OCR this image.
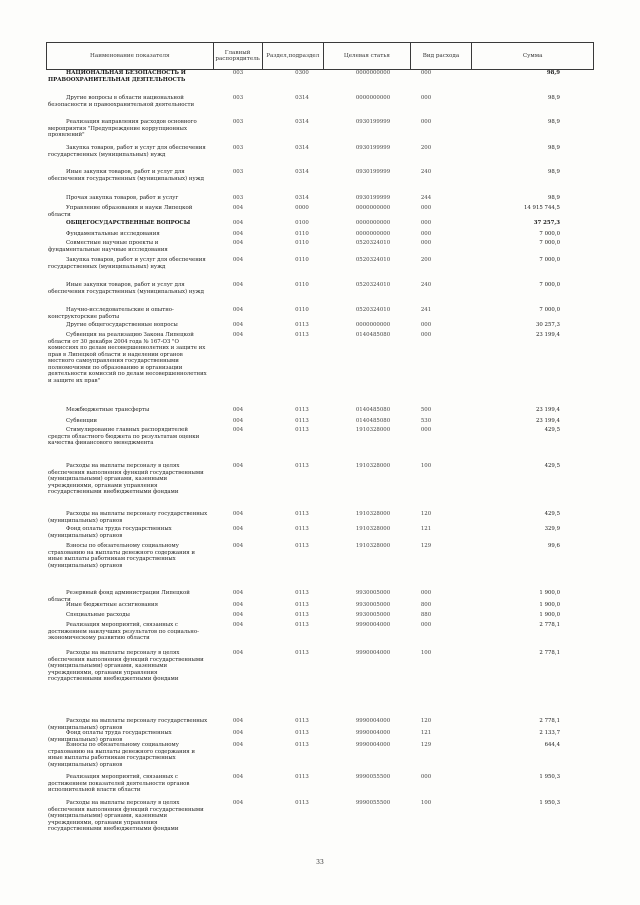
Наименование показателя
Главный распорядитель
Раздел,подраздел	Целевая статья	Вид расхода	Сумма
НАЦИОНАЛЬНАЯ БЕЗОПАСНОСТЬ И ПРАВООХРАНИТЕЛЬНАЯ ДЕЯТЕЛЬНОСТЬ
003	0300	0000000000	000	98,9
Другие вопросы в области национальной безопасности и правоохранительной деятельности
003	0314	0000000000	000	98,9
Реализация направления расходов основного мероприятия "Предупреждение коррупционных проявлений"
003	0314	0930199999	000	98,9
Закупка товаров, работ и услуг для обеспечения государственных (муниципальных) нужд
003	0314	0930199999	200	98,9
Иные закупки товаров, работ и услуг для обеспечения государственных (муниципальных) нужд
003	0314	0930199999	240	98,9
Прочая закупка товаров, работ и услуг	003	0314	0930199999	244	98,9
Управление образования и науки Липецкой области
004	0000	0000000000	000	14 915 744,5
ОБЩЕГОСУДАРСТВЕННЫЕ ВОПРОСЫ	004	0100	0000000000	000	37 257,3
Фундаментальные исследования	004	0110	0000000000	000	7 000,0
Совместные научные проекты и фундаментальные научные исследования
004	0110	0520324010	000	7 000,0
Закупка товаров, работ и услуг для обеспечения государственных (муниципальных) нужд
004	0110	0520324010	200	7 000,0
Иные закупки товаров, работ и услуг для обеспечения государственных (муниципальных) нужд
004	0110	0520324010	240	7 000,0
Научно-исследовательские и опытно-конструкторские работы
004	0110	0520324010	241	7 000,0
Другие общегосударственные вопросы	004	0113	0000000000	000	30 257,3
Субвенция на реализацию Закона Липецкой области от 30 декабря 2004 года № 167-ОЗ "О комиссиях по делам несовершеннолетних и защите их прав в Липецкой области и наделении органов местного самоуправления государственными полномочиями по образованию и организации деятельности комиссий по делам несовершеннолетних и защите их прав"
004	0113	0140485080	000	23 199,4
Межбюджетные трансферты	004	0113	0140485080	500	23 199,4
Субвенции	004	0113	0140485080	530	23 199,4
Стимулирование главных распорядителей средств областного бюджета по результатам оценки качества финансового менеджмента
004	0113	1910328000	000	429,5
Расходы на выплаты персоналу в целях обеспечения выполнения функций государственными (муниципальными) органами, казенными учреждениями, органами управления государственными внебюджетными фондами
004	0113	1910328000	100	429,5
Расходы на выплаты персоналу государственных (муниципальных) органов
004	0113	1910328000	120	429,5
Фонд оплаты труда государственных (муниципальных) органов
004	0113	1910328000	121	329,9
Взносы по обязательному социальному страхованию на выплаты денежного содержания и иные выплаты работникам государственных (муниципальных) органов
004	0113	1910328000	129	99,6
Резервный фонд администрации Липецкой области
004	0113	9930005000	000	1 900,0
Иные бюджетные ассигнования	004	0113	9930005000	800	1 900,0
Специальные расходы	004	0113	9930005000	880	1 900,0
Реализация мероприятий, связанных с достижением наилучших результатов по социально-экономическому развитию области
004	0113	9990004000	000	2 778,1
Расходы на выплаты персоналу в целях обеспечения выполнения функций государственными (муниципальными) органами, казенными учреждениями, органами управления государственными внебюджетными фондами
004	0113	9990004000	100	2 778,1
Расходы на выплаты персоналу государственных (муниципальных) органов
004	0113	9990004000	120	2 778,1
Фонд оплаты труда государственных (муниципальных) органов
004	0113	9990004000	121	2 133,7
Взносы по обязательному социальному страхованию на выплаты денежного содержания и иные выплаты работникам государственных (муниципальных) органов
004	0113	9990004000	129	644,4
Реализация мероприятий, связанных с достижением показателей деятельности органов исполнительной власти области
004	0113	9990055500	000	1 950,3
Расходы на выплаты персоналу в целях обеспечения выполнения функций государственными (муниципальными) органами, казенными учреждениями, органами управления государственными внебюджетными фондами
004	0113	9990055500	100	1 950,3
33
